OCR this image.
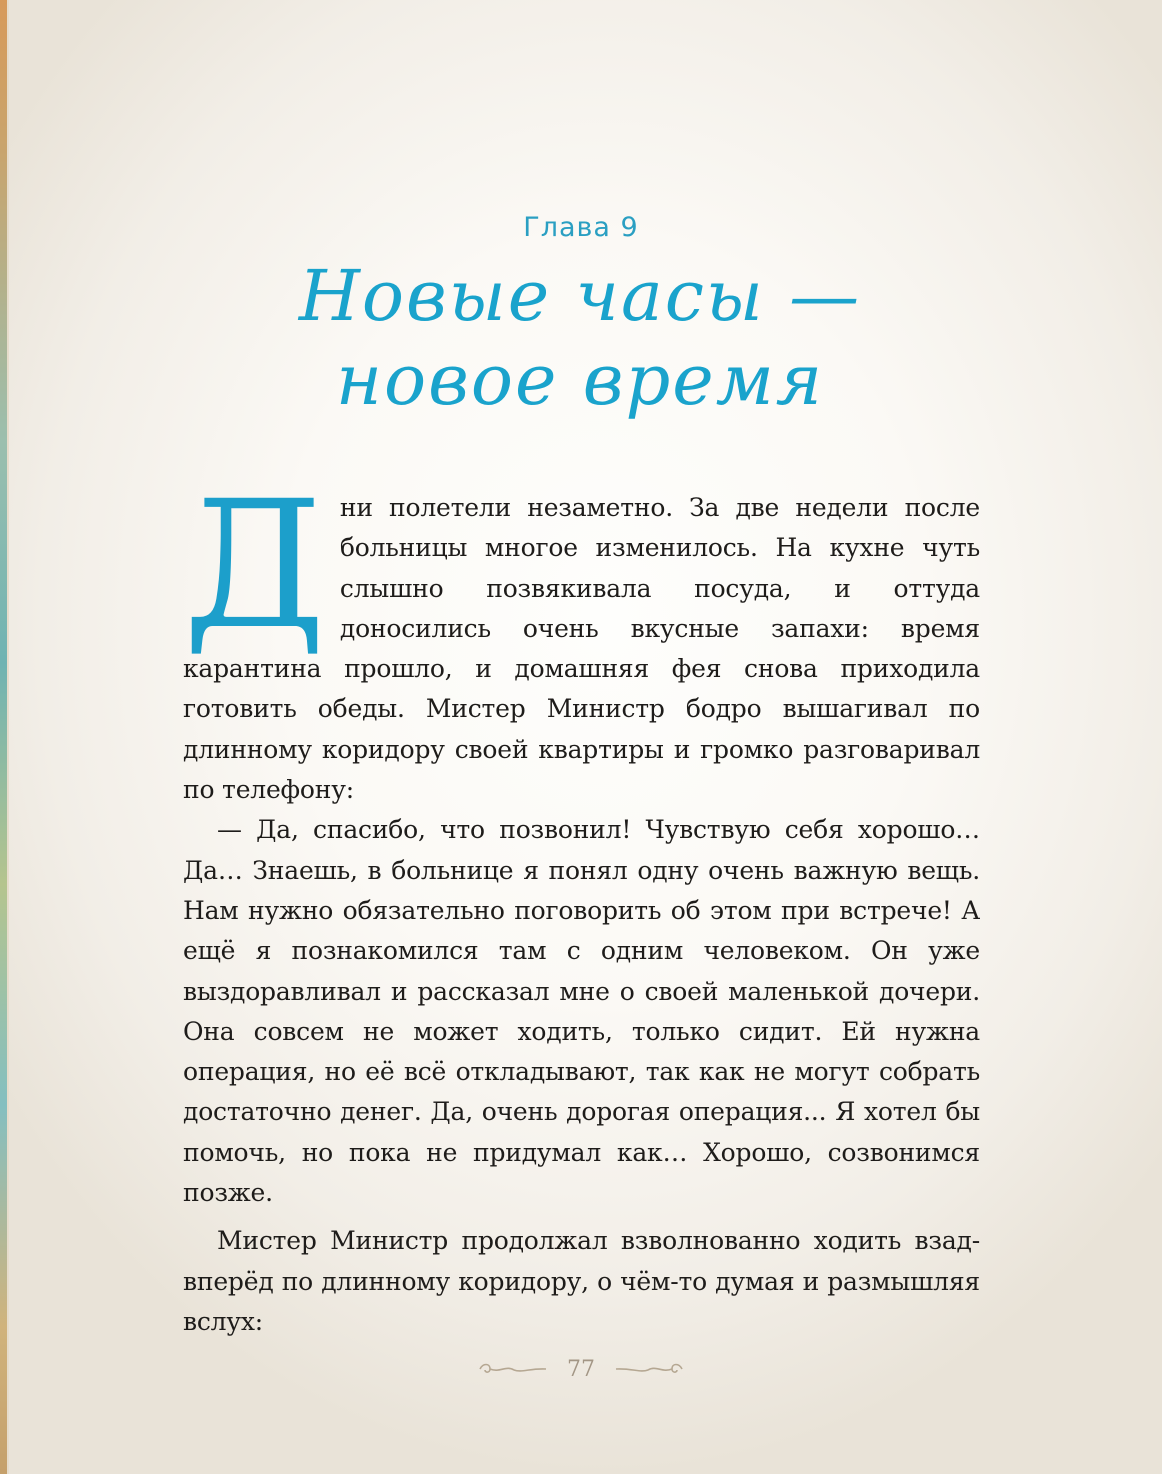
Глава 9
Новые часы — новое время

Дни полетели незаметно. За две недели после больницы многое изменилось. На кухне чуть слышно позвякивала посуда, и оттуда доносились очень вкусные запахи: время карантина прошло, и домашняя фея снова приходила готовить обеды. Мистер Министр бодро вышагивал по длинному коридору своей квартиры и громко разговаривал по телефону:

— Да, спасибо, что позвонил! Чувствую себя хорошо… Да… Знаешь, в больнице я понял одну очень важную вещь. Нам нужно обязательно поговорить об этом при встрече! А ещё я познакомился там с одним человеком. Он уже выздоравливал и рассказал мне о своей маленькой дочери. Она совсем не может ходить, только сидит. Ей нужна операция, но её всё откладывают, так как не могут собрать достаточно денег. Да, очень дорогая операция... Я хотел бы помочь, но пока не придумал как… Хорошо, созвонимся позже.

Мистер Министр продолжал взволнованно ходить взад-вперёд по длинному коридору, о чём-то думая и размышляя вслух:

77
